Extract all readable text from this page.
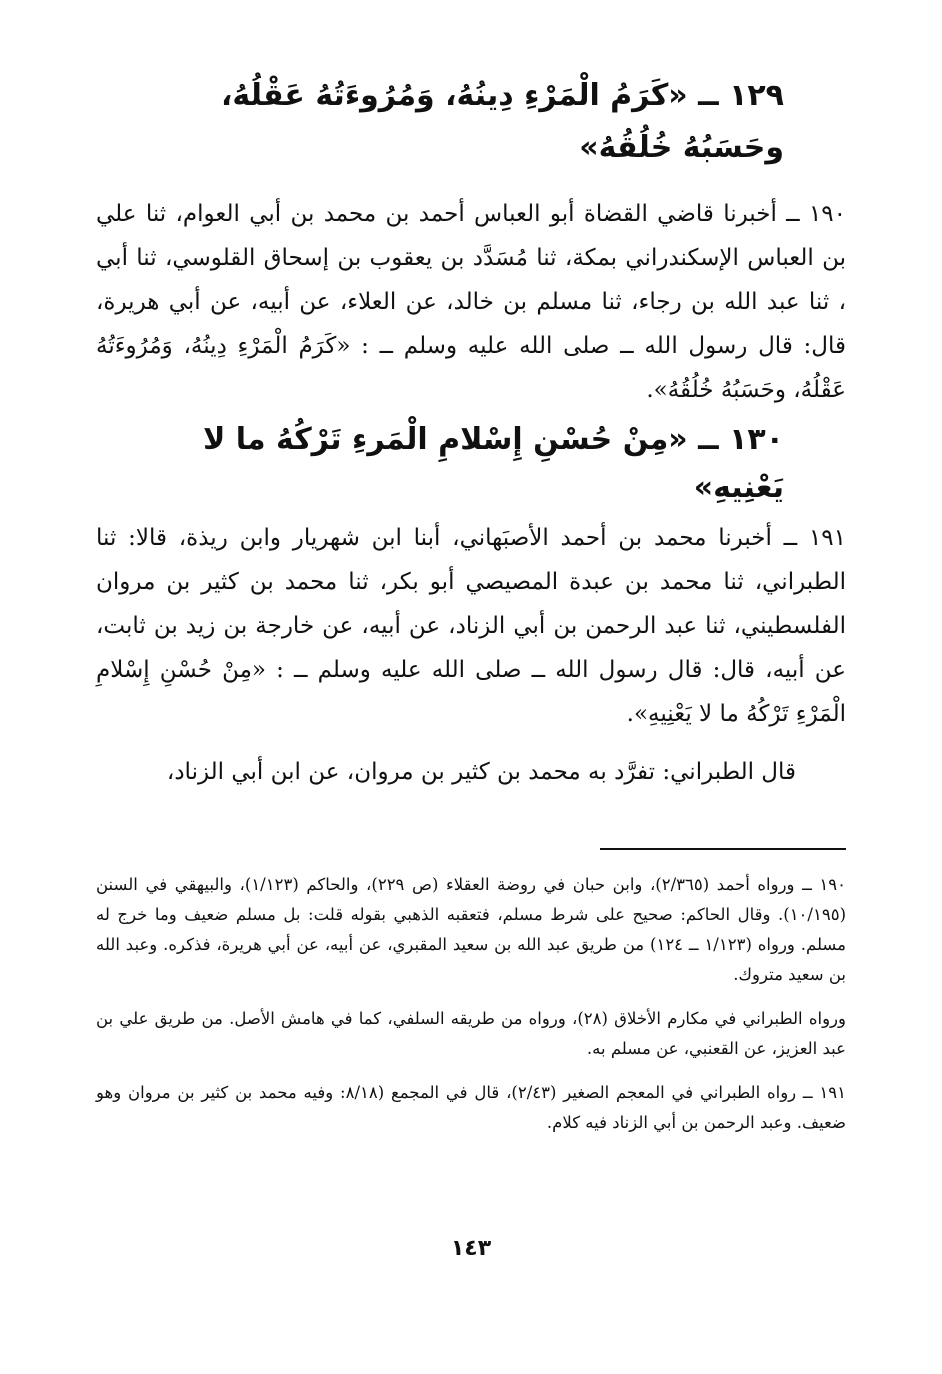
١٢٩ ــ «كَرَمُ الْمَرْءِ دِينُهُ، وَمُرُوءَتُهُ عَقْلُهُ، وحَسَبُهُ خُلُقُهُ»

١٩٠ ــ أخبرنا قاضي القضاة أبو العباس أحمد بن محمد بن أبي العوام، ثنا علي بن العباس الإسكندراني بمكة، ثنا مُسَدَّد بن يعقوب بن إسحاق القلوسي، ثنا أبي ، ثنا عبد الله بن رجاء، ثنا مسلم بن خالد، عن العلاء، عن أبيه، عن أبي هريرة، قال: قال رسول الله ــ صلى الله عليه وسلم ــ : «كَرَمُ الْمَرْءِ دِينُهُ، وَمُرُوءَتُهُ عَقْلُهُ، وحَسَبُهُ خُلُقُهُ».

١٣٠ ــ «مِنْ حُسْنِ إِسْلامِ الْمَرءِ تَرْكُهُ ما لا يَعْنِيهِ»

١٩١ ــ أخبرنا محمد بن أحمد الأصبَهاني، أبنا ابن شهريار وابن ريذة، قالا: ثنا الطبراني، ثنا محمد بن عبدة المصيصي أبو بكر، ثنا محمد بن كثير بن مروان الفلسطيني، ثنا عبد الرحمن بن أبي الزناد، عن أبيه، عن خارجة بن زيد بن ثابت، عن أبيه، قال: قال رسول الله ــ صلى الله عليه وسلم ــ : «مِنْ حُسْنِ إِسْلامِ الْمَرْءِ تَرْكُهُ ما لا يَعْنِيهِ».

قال الطبراني: تفرَّد به محمد بن كثير بن مروان، عن ابن أبي الزناد،

١٩٠ ــ ورواه أحمد (٢/٣٦٥)، وابن حبان في روضة العقلاء (ص ٢٢٩)، والحاكم (١/١٢٣)، والبيهقي في السنن (١٠/١٩٥). وقال الحاكم: صحيح على شرط مسلم، فتعقبه الذهبي بقوله قلت: بل مسلم ضعيف وما خرج له مسلم. ورواه (١/١٢٣ ــ ١٢٤) من طريق عبد الله بن سعيد المقبري، عن أبيه، عن أبي هريرة، فذكره. وعبد الله بن سعيد متروك.

ورواه الطبراني في مكارم الأخلاق (٢٨)، ورواه من طريقه السلفي، كما في هامش الأصل. من طريق علي بن عبد العزيز، عن القعنبي، عن مسلم به.

١٩١ ــ رواه الطبراني في المعجم الصغير (٢/٤٣)، قال في المجمع (٨/١٨: وفيه محمد بن كثير بن مروان وهو ضعيف. وعبد الرحمن بن أبي الزناد فيه كلام.

١٤٣
